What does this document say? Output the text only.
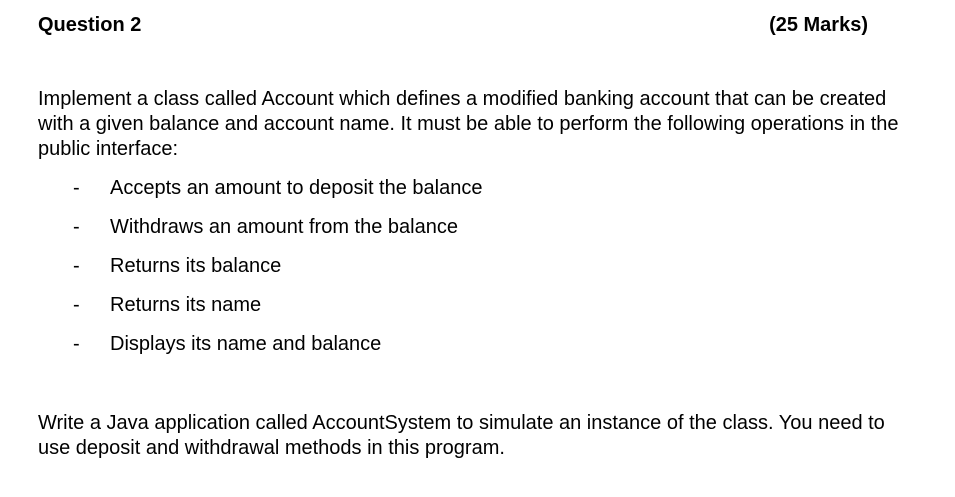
Question 2	(25 Marks)

Implement a class called Account which defines a modified banking account that can be created with a given balance and account name. It must be able to perform the following operations in the public interface:

- Accepts an amount to deposit the balance
- Withdraws an amount from the balance
- Returns its balance
- Returns its name
- Displays its name and balance

Write a Java application called AccountSystem to simulate an instance of the class. You need to use deposit and withdrawal methods in this program.
